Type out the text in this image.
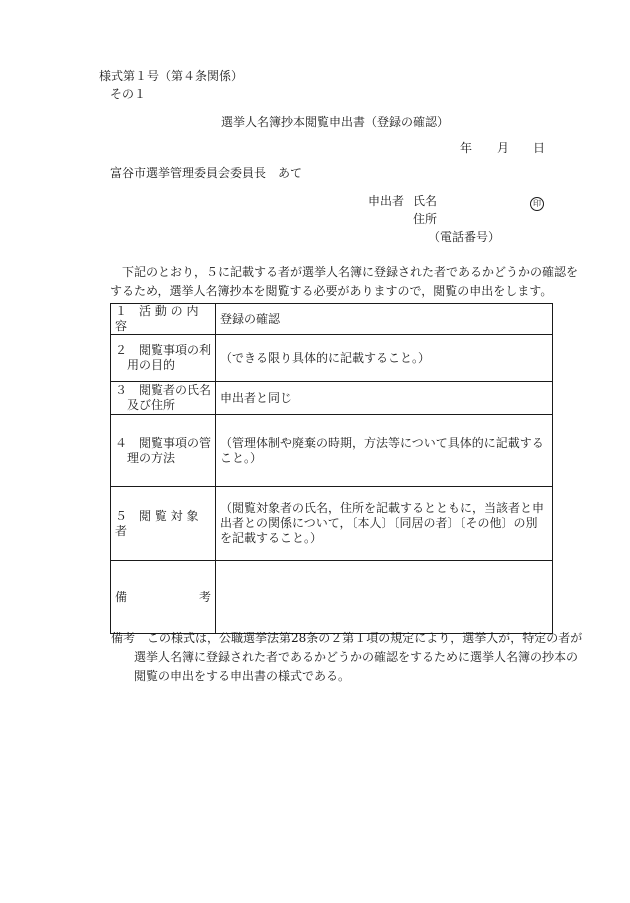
様式第１号（第４条関係）
その１
選挙人名簿抄本閲覧申出書（登録の確認）
年 月 日
富谷市選挙管理委員会委員長　あて
申出者 氏名	印
住所
（電話番号）
下記のとおり，５に記載する者が選挙人名簿に登録された者であるかどうかの確認を
するため，選挙人名簿抄本を閲覧する必要がありますので，閲覧の申出をします。
１　活 動 の 内 容	登録の確認

２　閲覧事項の利
用の目的	（できる限り具体的に記載すること。）

３　閲覧者の氏名
及び住所	申出者と同じ

４　閲覧事項の管
理の方法	（管理体制や廃棄の時期，方法等について具体的に記載すること。）
５　閲 覧 対 象 者	（閲覧対象者の氏名，住所を記載するとともに，当該者と申出者との関係について，〔本人〕〔同居の者〕〔その他〕の別を記載すること。）

備 考	

備考　この様式は，公職選挙法第28条の２第１項の規定により，選挙人が，特定の者が
選挙人名簿に登録された者であるかどうかの確認をするために選挙人名簿の抄本の
閲覧の申出をする申出書の様式である。
